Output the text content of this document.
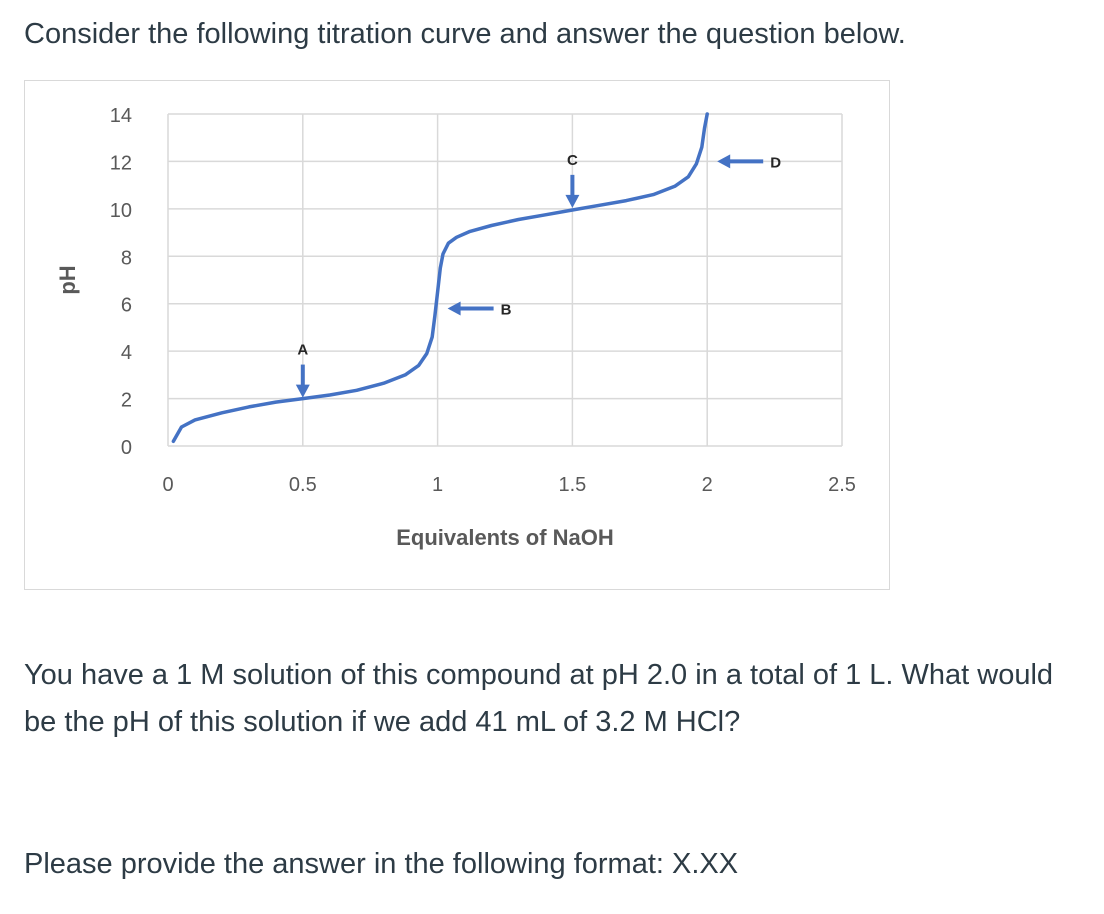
Consider the following titration curve and answer the question below.
0
2
4
6
8
10
12
14
0	0.5	1	1.5	2	2.5
Equivalents of NaOH
pH
A
B
C	D
You have a 1 M solution of this compound at pH 2.0 in a total of 1 L. What would be the pH of this solution if we add 41 mL of 3.2 M HCl?
Please provide the answer in the following format: X.XX
